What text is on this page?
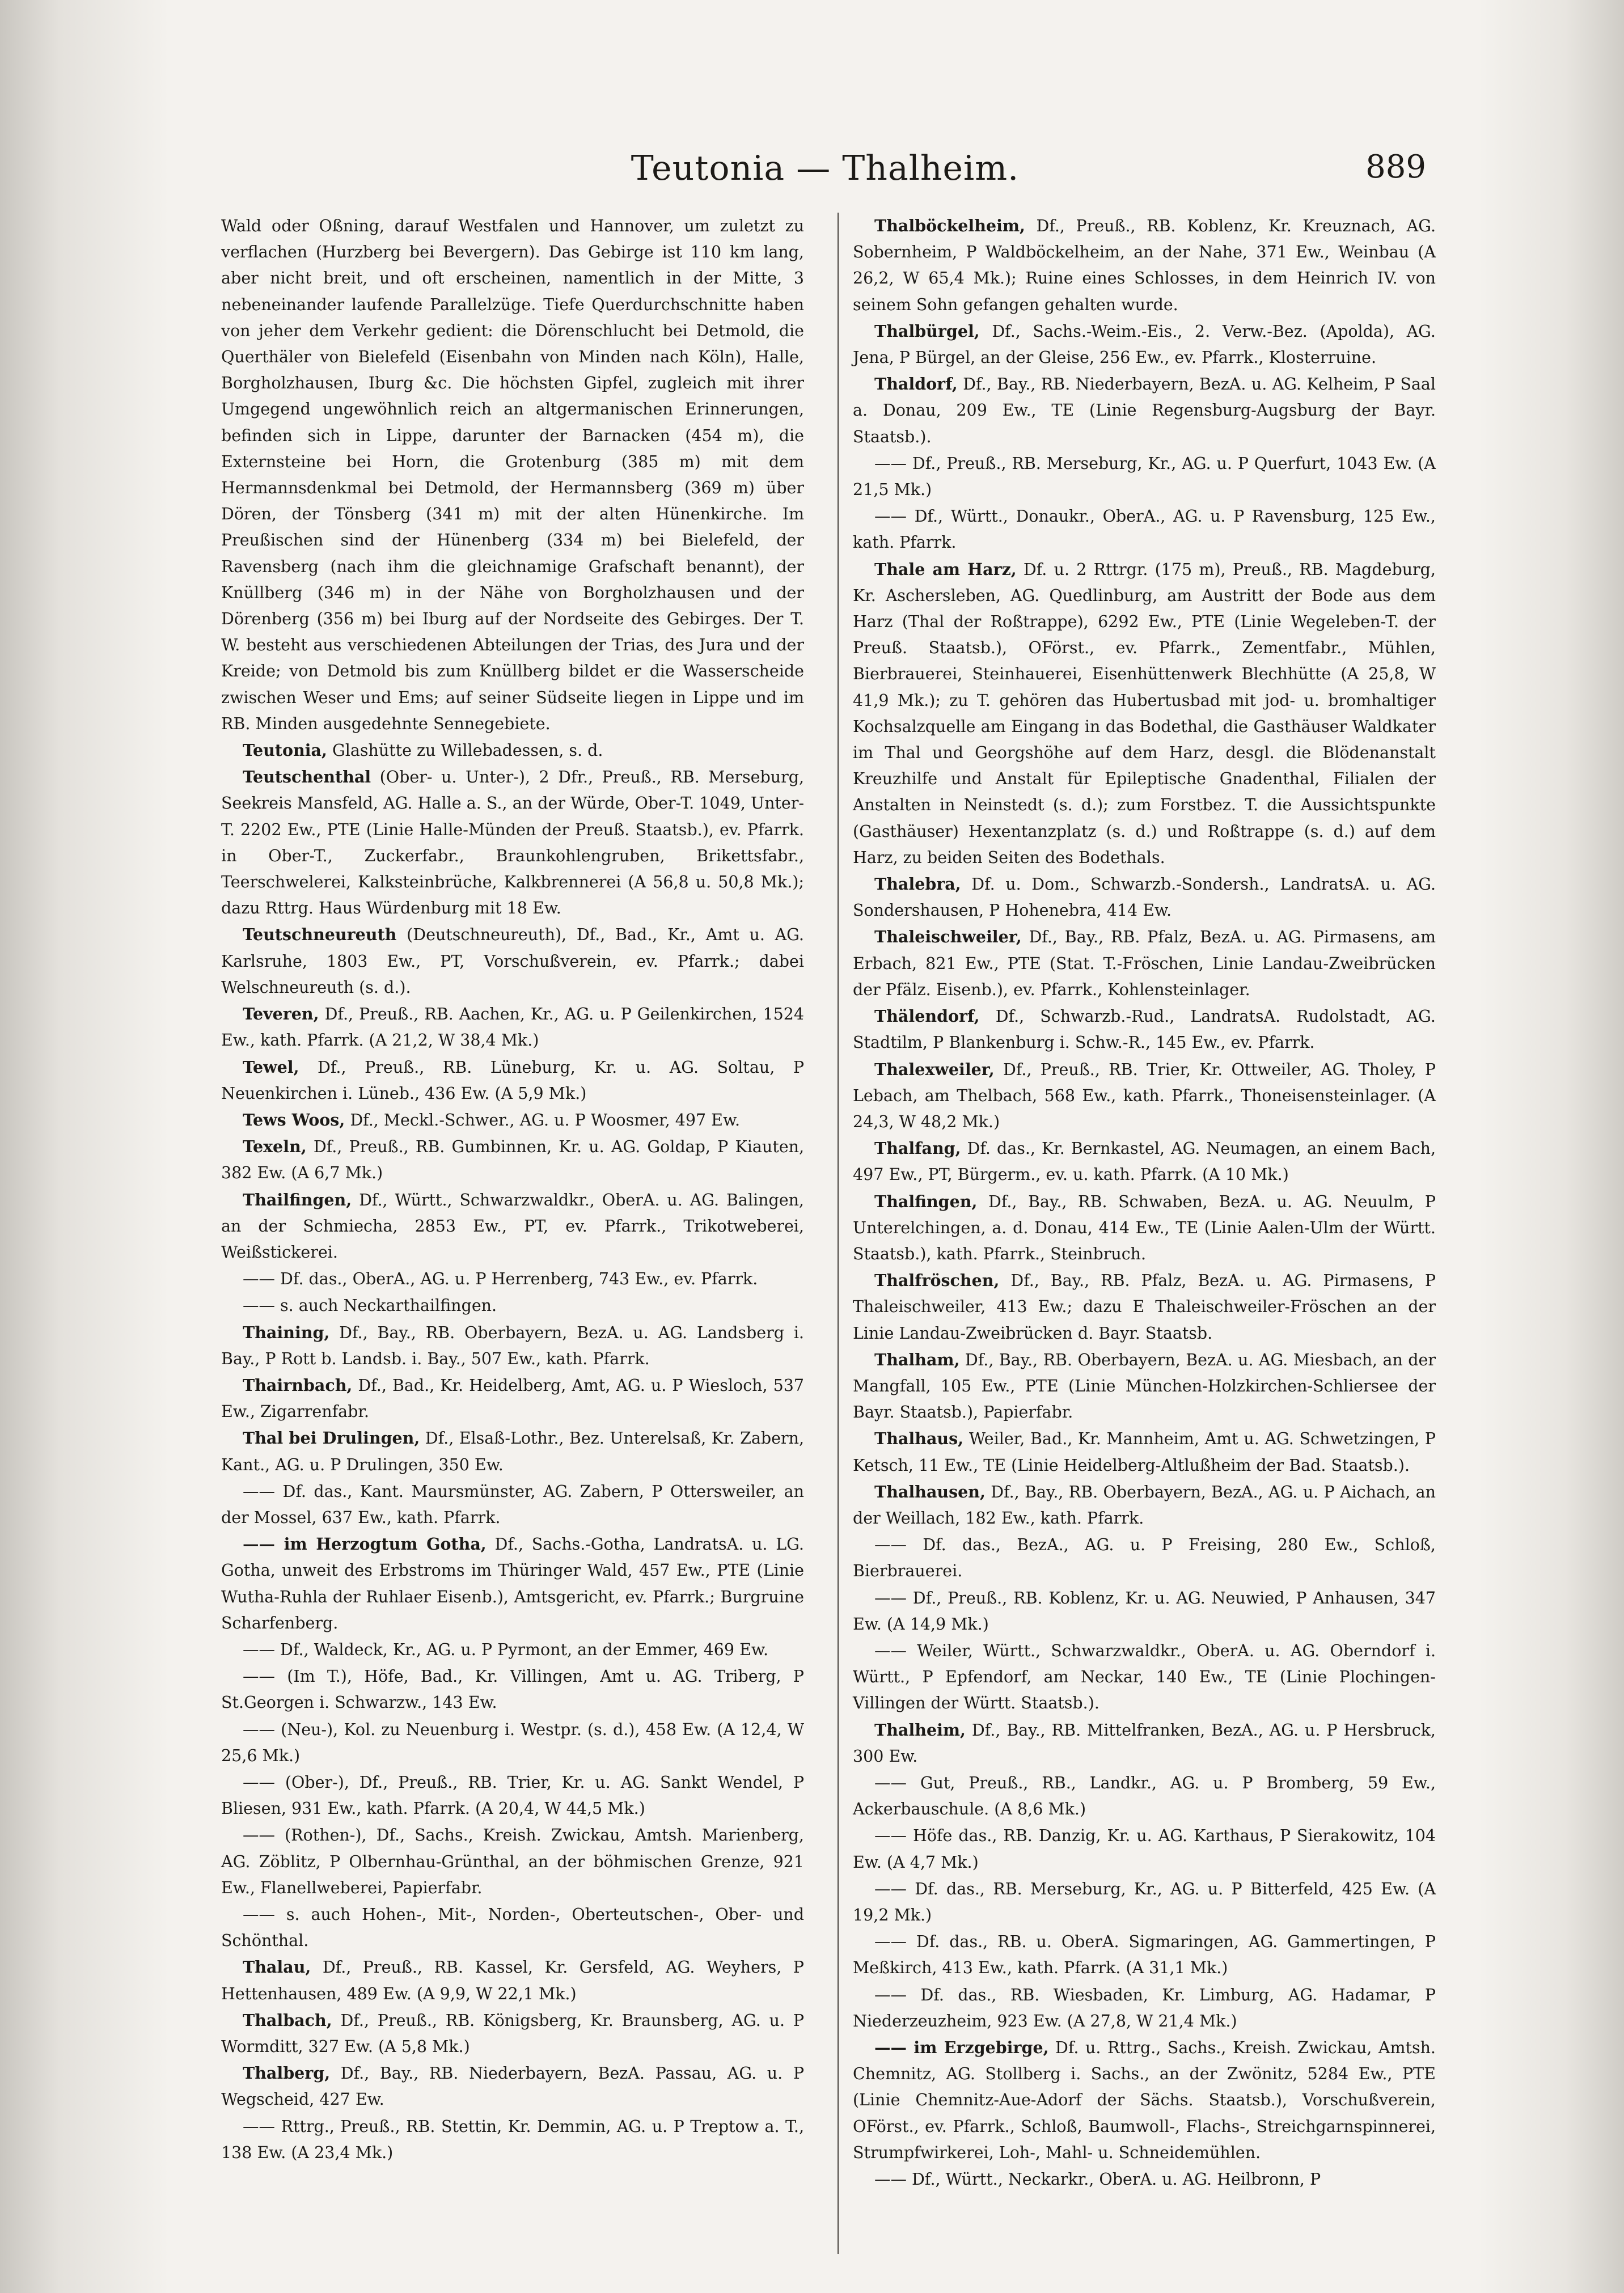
Teutonia — Thalheim.	889

Wald oder Oßning, darauf Westfalen und Hannover, um zuletzt zu verflachen (Hurzberg bei Bevergern). Das Gebirge ist 110 km lang, aber nicht breit, und oft erscheinen, namentlich in der Mitte, 3 nebeneinander laufende Parallelzüge. Tiefe Querdurchschnitte haben von jeher dem Verkehr gedient: die Dörenschlucht bei Detmold, die Querthäler von Bielefeld (Eisenbahn von Minden nach Köln), Halle, Borgholzhausen, Iburg &c. Die höchsten Gipfel, zugleich mit ihrer Umgegend ungewöhnlich reich an altgermanischen Erinnerungen, befinden sich in Lippe, darunter der Barnacken (454 m), die Externsteine bei Horn, die Grotenburg (385 m) mit dem Hermannsdenkmal bei Detmold, der Hermannsberg (369 m) über Dören, der Tönsberg (341 m) mit der alten Hünenkirche. Im Preußischen sind der Hünenberg (334 m) bei Bielefeld, der Ravensberg (nach ihm die gleichnamige Grafschaft benannt), der Knüllberg (346 m) in der Nähe von Borgholzhausen und der Dörenberg (356 m) bei Iburg auf der Nordseite des Gebirges. Der T. W. besteht aus verschiedenen Abteilungen der Trias, des Jura und der Kreide; von Detmold bis zum Knüllberg bildet er die Wasserscheide zwischen Weser und Ems; auf seiner Südseite liegen in Lippe und im RB. Minden ausgedehnte Sennegebiete.

Teutonia, Glashütte zu Willebadessen, s. d.

Teutschenthal (Ober- u. Unter-), 2 Dfr., Preuß., RB. Merseburg, Seekreis Mansfeld, AG. Halle a. S., an der Würde, Ober-T. 1049, Unter-T. 2202 Ew., PTE (Linie Halle-Münden der Preuß. Staatsb.), ev. Pfarrk. in Ober-T., Zuckerfabr., Braunkohlengruben, Brikettsfabr., Teerschwelerei, Kalksteinbrüche, Kalkbrennerei (A 56,8 u. 50,8 Mk.); dazu Rttrg. Haus Würdenburg mit 18 Ew.

Teutschneureuth (Deutschneureuth), Df., Bad., Kr., Amt u. AG. Karlsruhe, 1803 Ew., PT, Vorschußverein, ev. Pfarrk.; dabei Welschneureuth (s. d.).

Teveren, Df., Preuß., RB. Aachen, Kr., AG. u. P Geilenkirchen, 1524 Ew., kath. Pfarrk. (A 21,2, W 38,4 Mk.)

Tewel, Df., Preuß., RB. Lüneburg, Kr. u. AG. Soltau, P Neuenkirchen i. Lüneb., 436 Ew. (A 5,9 Mk.)

Tews Woos, Df., Meckl.-Schwer., AG. u. P Woosmer, 497 Ew.

Texeln, Df., Preuß., RB. Gumbinnen, Kr. u. AG. Goldap, P Kiauten, 382 Ew. (A 6,7 Mk.)

Thailfingen, Df., Württ., Schwarzwaldkr., OberA. u. AG. Balingen, an der Schmiecha, 2853 Ew., PT, ev. Pfarrk., Trikotweberei, Weißstickerei.

—— Df. das., OberA., AG. u. P Herrenberg, 743 Ew., ev. Pfarrk.

—— s. auch Neckarthailfingen.

Thaining, Df., Bay., RB. Oberbayern, BezA. u. AG. Landsberg i. Bay., P Rott b. Landsb. i. Bay., 507 Ew., kath. Pfarrk.

Thairnbach, Df., Bad., Kr. Heidelberg, Amt, AG. u. P Wiesloch, 537 Ew., Zigarrenfabr.

Thal bei Drulingen, Df., Elsaß-Lothr., Bez. Unterelsaß, Kr. Zabern, Kant., AG. u. P Drulingen, 350 Ew.

—— Df. das., Kant. Maursmünster, AG. Zabern, P Ottersweiler, an der Mossel, 637 Ew., kath. Pfarrk.

—— im Herzogtum Gotha, Df., Sachs.-Gotha, LandratsA. u. LG. Gotha, unweit des Erbstroms im Thüringer Wald, 457 Ew., PTE (Linie Wutha-Ruhla der Ruhlaer Eisenb.), Amtsgericht, ev. Pfarrk.; Burgruine Scharfenberg.

—— Df., Waldeck, Kr., AG. u. P Pyrmont, an der Emmer, 469 Ew.

—— (Im T.), Höfe, Bad., Kr. Villingen, Amt u. AG. Triberg, P St.Georgen i. Schwarzw., 143 Ew.

—— (Neu-), Kol. zu Neuenburg i. Westpr. (s. d.), 458 Ew. (A 12,4, W 25,6 Mk.)

—— (Ober-), Df., Preuß., RB. Trier, Kr. u. AG. Sankt Wendel, P Bliesen, 931 Ew., kath. Pfarrk. (A 20,4, W 44,5 Mk.)

—— (Rothen-), Df., Sachs., Kreish. Zwickau, Amtsh. Marienberg, AG. Zöblitz, P Olbernhau-Grünthal, an der böhmischen Grenze, 921 Ew., Flanellweberei, Papierfabr.

—— s. auch Hohen-, Mit-, Norden-, Oberteutschen-, Ober- und Schönthal.

Thalau, Df., Preuß., RB. Kassel, Kr. Gersfeld, AG. Weyhers, P Hettenhausen, 489 Ew. (A 9,9, W 22,1 Mk.)

Thalbach, Df., Preuß., RB. Königsberg, Kr. Braunsberg, AG. u. P Wormditt, 327 Ew. (A 5,8 Mk.)

Thalberg, Df., Bay., RB. Niederbayern, BezA. Passau, AG. u. P Wegscheid, 427 Ew.

—— Rttrg., Preuß., RB. Stettin, Kr. Demmin, AG. u. P Treptow a. T., 138 Ew. (A 23,4 Mk.)

Thalböckelheim, Df., Preuß., RB. Koblenz, Kr. Kreuznach, AG. Sobernheim, P Waldböckelheim, an der Nahe, 371 Ew., Weinbau (A 26,2, W 65,4 Mk.); Ruine eines Schlosses, in dem Heinrich IV. von seinem Sohn gefangen gehalten wurde.

Thalbürgel, Df., Sachs.-Weim.-Eis., 2. Verw.-Bez. (Apolda), AG. Jena, P Bürgel, an der Gleise, 256 Ew., ev. Pfarrk., Klosterruine.

Thaldorf, Df., Bay., RB. Niederbayern, BezA. u. AG. Kelheim, P Saal a. Donau, 209 Ew., TE (Linie Regensburg-Augsburg der Bayr. Staatsb.).

—— Df., Preuß., RB. Merseburg, Kr., AG. u. P Querfurt, 1043 Ew. (A 21,5 Mk.)

—— Df., Württ., Donaukr., OberA., AG. u. P Ravensburg, 125 Ew., kath. Pfarrk.

Thale am Harz, Df. u. 2 Rttrgr. (175 m), Preuß., RB. Magdeburg, Kr. Aschersleben, AG. Quedlinburg, am Austritt der Bode aus dem Harz (Thal der Roßtrappe), 6292 Ew., PTE (Linie Wegeleben-T. der Preuß. Staatsb.), OFörst., ev. Pfarrk., Zementfabr., Mühlen, Bierbrauerei, Steinhauerei, Eisenhüttenwerk Blechhütte (A 25,8, W 41,9 Mk.); zu T. gehören das Hubertusbad mit jod- u. bromhaltiger Kochsalzquelle am Eingang in das Bodethal, die Gasthäuser Waldkater im Thal und Georgshöhe auf dem Harz, desgl. die Blödenanstalt Kreuzhilfe und Anstalt für Epileptische Gnadenthal, Filialen der Anstalten in Neinstedt (s. d.); zum Forstbez. T. die Aussichtspunkte (Gasthäuser) Hexentanzplatz (s. d.) und Roßtrappe (s. d.) auf dem Harz, zu beiden Seiten des Bodethals.

Thalebra, Df. u. Dom., Schwarzb.-Sondersh., LandratsA. u. AG. Sondershausen, P Hohenebra, 414 Ew.

Thaleischweiler, Df., Bay., RB. Pfalz, BezA. u. AG. Pirmasens, am Erbach, 821 Ew., PTE (Stat. T.-Fröschen, Linie Landau-Zweibrücken der Pfälz. Eisenb.), ev. Pfarrk., Kohlensteinlager.

Thälendorf, Df., Schwarzb.-Rud., LandratsA. Rudolstadt, AG. Stadtilm, P Blankenburg i. Schw.-R., 145 Ew., ev. Pfarrk.

Thalexweiler, Df., Preuß., RB. Trier, Kr. Ottweiler, AG. Tholey, P Lebach, am Thelbach, 568 Ew., kath. Pfarrk., Thoneisensteinlager. (A 24,3, W 48,2 Mk.)

Thalfang, Df. das., Kr. Bernkastel, AG. Neumagen, an einem Bach, 497 Ew., PT, Bürgerm., ev. u. kath. Pfarrk. (A 10 Mk.)

Thalfingen, Df., Bay., RB. Schwaben, BezA. u. AG. Neuulm, P Unterelchingen, a. d. Donau, 414 Ew., TE (Linie Aalen-Ulm der Württ. Staatsb.), kath. Pfarrk., Steinbruch.

Thalfröschen, Df., Bay., RB. Pfalz, BezA. u. AG. Pirmasens, P Thaleischweiler, 413 Ew.; dazu E Thaleischweiler-Fröschen an der Linie Landau-Zweibrücken d. Bayr. Staatsb.

Thalham, Df., Bay., RB. Oberbayern, BezA. u. AG. Miesbach, an der Mangfall, 105 Ew., PTE (Linie München-Holzkirchen-Schliersee der Bayr. Staatsb.), Papierfabr.

Thalhaus, Weiler, Bad., Kr. Mannheim, Amt u. AG. Schwetzingen, P Ketsch, 11 Ew., TE (Linie Heidelberg-Altlußheim der Bad. Staatsb.).

Thalhausen, Df., Bay., RB. Oberbayern, BezA., AG. u. P Aichach, an der Weillach, 182 Ew., kath. Pfarrk.

—— Df. das., BezA., AG. u. P Freising, 280 Ew., Schloß, Bierbrauerei.

—— Df., Preuß., RB. Koblenz, Kr. u. AG. Neuwied, P Anhausen, 347 Ew. (A 14,9 Mk.)

—— Weiler, Württ., Schwarzwaldkr., OberA. u. AG. Oberndorf i. Württ., P Epfendorf, am Neckar, 140 Ew., TE (Linie Plochingen-Villingen der Württ. Staatsb.).

Thalheim, Df., Bay., RB. Mittelfranken, BezA., AG. u. P Hersbruck, 300 Ew.

—— Gut, Preuß., RB., Landkr., AG. u. P Bromberg, 59 Ew., Ackerbauschule. (A 8,6 Mk.)

—— Höfe das., RB. Danzig, Kr. u. AG. Karthaus, P Sierakowitz, 104 Ew. (A 4,7 Mk.)

—— Df. das., RB. Merseburg, Kr., AG. u. P Bitterfeld, 425 Ew. (A 19,2 Mk.)

—— Df. das., RB. u. OberA. Sigmaringen, AG. Gammertingen, P Meßkirch, 413 Ew., kath. Pfarrk. (A 31,1 Mk.)

—— Df. das., RB. Wiesbaden, Kr. Limburg, AG. Hadamar, P Niederzeuzheim, 923 Ew. (A 27,8, W 21,4 Mk.)

—— im Erzgebirge, Df. u. Rttrg., Sachs., Kreish. Zwickau, Amtsh. Chemnitz, AG. Stollberg i. Sachs., an der Zwönitz, 5284 Ew., PTE (Linie Chemnitz-Aue-Adorf der Sächs. Staatsb.), Vorschußverein, OFörst., ev. Pfarrk., Schloß, Baumwoll-, Flachs-, Streichgarnspinnerei, Strumpfwirkerei, Loh-, Mahl- u. Schneidemühlen.

—— Df., Württ., Neckarkr., OberA. u. AG. Heilbronn, P
